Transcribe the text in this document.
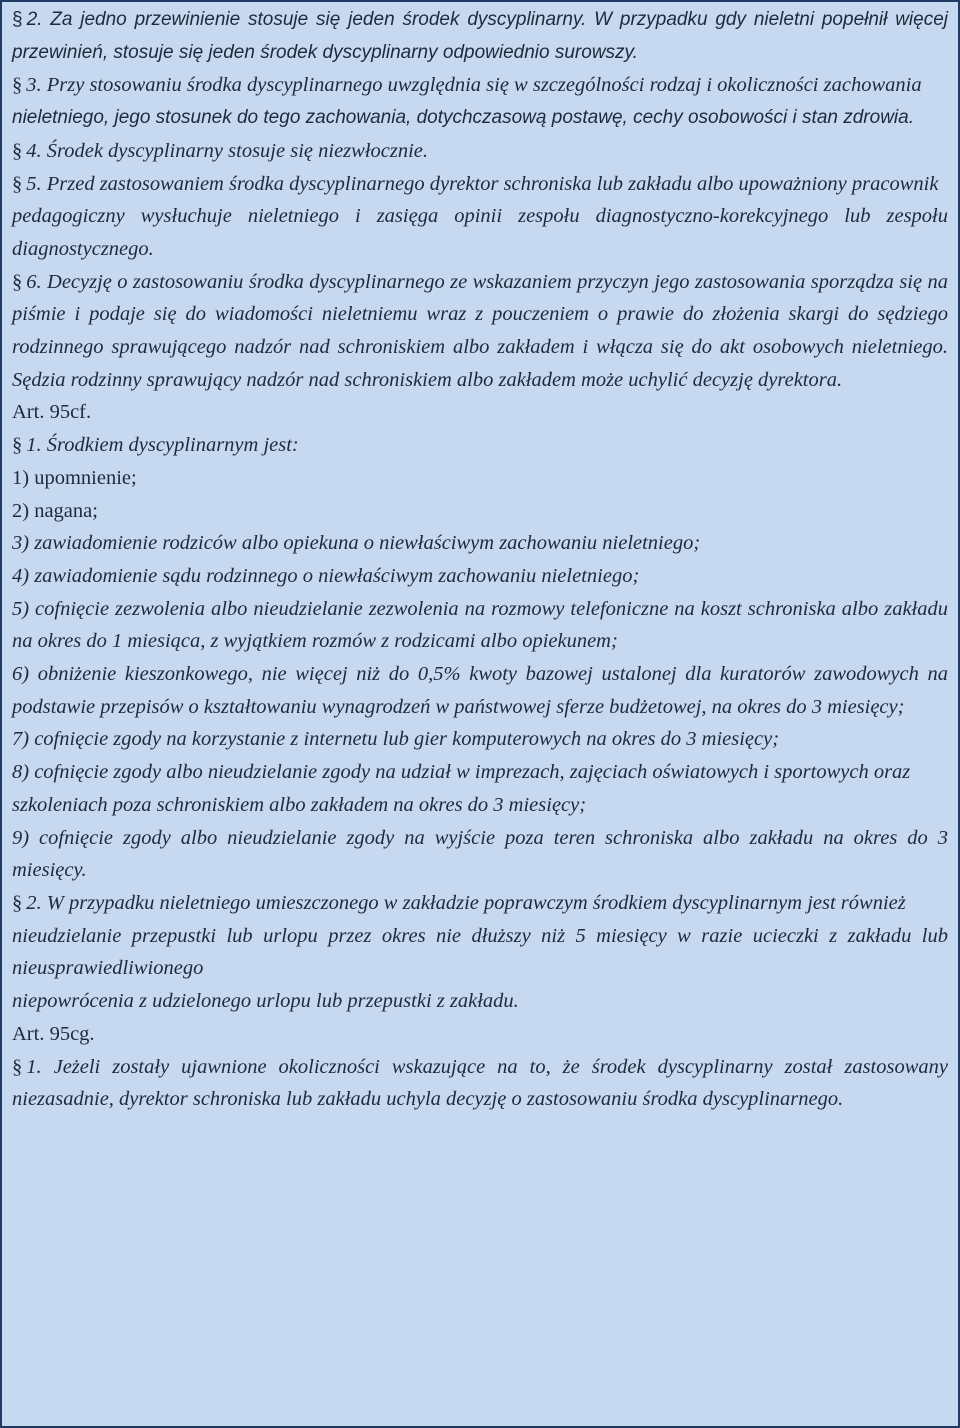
§ 2. Za jedno przewinienie stosuje się jeden środek dyscyplinarny. W przypadku gdy nieletni popełnił więcej przewinień, stosuje się jeden środek dyscyplinarny odpowiednio surowszy.

§ 3. Przy stosowaniu środka dyscyplinarnego uwzględnia się w szczególności rodzaj i okoliczności zachowania

nieletniego, jego stosunek do tego zachowania, dotychczasową postawę, cechy osobowości i stan zdrowia.

§ 4. Środek dyscyplinarny stosuje się niezwłocznie.

§ 5. Przed zastosowaniem środka dyscyplinarnego dyrektor schroniska lub zakładu albo upoważniony pracownik

pedagogiczny wysłuchuje nieletniego i zasięga opinii zespołu diagnostyczno-korekcyjnego lub zespołu diagnostycznego.

§ 6. Decyzję o zastosowaniu środka dyscyplinarnego ze wskazaniem przyczyn jego zastosowania sporządza się na piśmie i podaje się do wiadomości nieletniemu wraz z pouczeniem o prawie do złożenia skargi do sędziego rodzinnego sprawującego nadzór nad schroniskiem albo zakładem i włącza się do akt osobowych nieletniego. Sędzia rodzinny sprawujący nadzór nad schroniskiem albo zakładem może uchylić decyzję dyrektora.

Art. 95cf.

§ 1. Środkiem dyscyplinarnym jest:

1) upomnienie;

2) nagana;

3) zawiadomienie rodziców albo opiekuna o niewłaściwym zachowaniu nieletniego;

4) zawiadomienie sądu rodzinnego o niewłaściwym zachowaniu nieletniego;

5) cofnięcie zezwolenia albo nieudzielanie zezwolenia na rozmowy telefoniczne na koszt schroniska albo zakładu na okres do 1 miesiąca, z wyjątkiem rozmów z rodzicami albo opiekunem;

6) obniżenie kieszonkowego, nie więcej niż do 0,5% kwoty bazowej ustalonej dla kuratorów zawodowych na podstawie przepisów o kształtowaniu wynagrodzeń w państwowej sferze budżetowej, na okres do 3 miesięcy;

7) cofnięcie zgody na korzystanie z internetu lub gier komputerowych na okres do 3 miesięcy;

8) cofnięcie zgody albo nieudzielanie zgody na udział w imprezach, zajęciach oświatowych i sportowych oraz

szkoleniach poza schroniskiem albo zakładem na okres do 3 miesięcy;

9) cofnięcie zgody albo nieudzielanie zgody na wyjście poza teren schroniska albo zakładu na okres do 3 miesięcy.

§ 2. W przypadku nieletniego umieszczonego w zakładzie poprawczym środkiem dyscyplinarnym jest również

nieudzielanie przepustki lub urlopu przez okres nie dłuższy niż 5 miesięcy w razie ucieczki z zakładu lub nieusprawiedliwionego

niepowrócenia z udzielonego urlopu lub przepustki z zakładu.

Art. 95cg.

§ 1. Jeżeli zostały ujawnione okoliczności wskazujące na to, że środek dyscyplinarny został zastosowany niezasadnie, dyrektor schroniska lub zakładu uchyla decyzję o zastosowaniu środka dyscyplinarnego.
